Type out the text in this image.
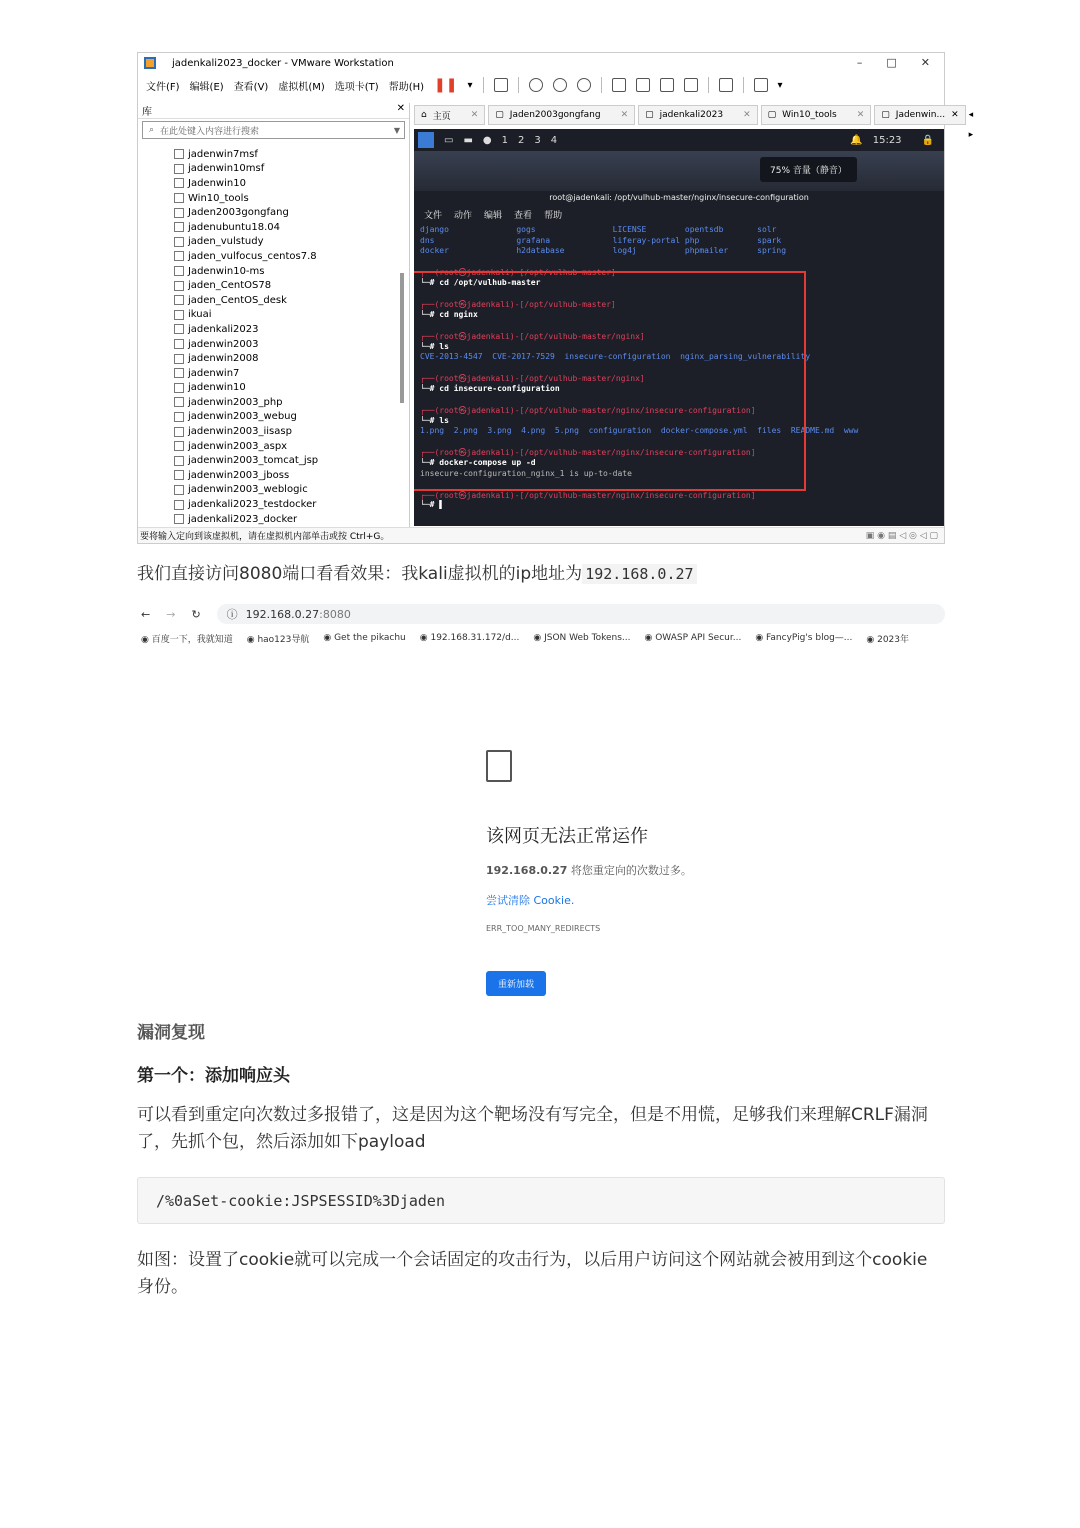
jadenkali2023_docker - VMware Workstation	– □ ✕
文件(F) 编辑(E) 查看(V) 虚拟机(M) 选项卡(T) 帮助(H) ❚❚ ▾	▾
库	✕
⌕ 在此处键入内容进行搜索	▼
jadenwin7msf
jadenwin10msf
Jadenwin10
Win10_tools
Jaden2003gongfang
jadenubuntu18.04
jaden_vulstudy
jaden_vulfocus_centos7.8
Jadenwin10-ms
jaden_CentOS78
jaden_CentOS_desk
ikuai
jadenkali2023
jadenwin2003
jadenwin2008
jadenwin7
jadenwin10
jadenwin2003_php
jadenwin2003_webug
jadenwin2003_iisasp
jadenwin2003_aspx
jadenwin2003_tomcat_jsp
jadenwin2003_jboss
jadenwin2003_weblogic
jadenkali2023_testdocker
jadenkali2023_docker
⌂ 主页 ✕ ▢ Jaden2003gongfang ✕ ▢ jadenkali2023 ✕ ▢ Win10_tools ✕ ▢ Jadenwin... ✕ ◂ ▸
▭ ▬ ● 1 2 3 4	🔔 15:23 🔒
75% 音量（静音）
root@jadenkali: /opt/vulhub-master/nginx/insecure-configuration
文件 动作 编辑 查看 帮助
django              gogs                LICENSE        opentsdb       solr
dns                 grafana             liferay-portal php            spark
docker              h2database          log4j          phpmailer      spring
┌──(root㉿jadenkali)-[/opt/vulhub-master]
└─# cd /opt/vulhub-master
┌──(root㉿jadenkali)-[/opt/vulhub-master]
└─# cd nginx
┌──(root㉿jadenkali)-[/opt/vulhub-master/nginx]
└─# ls
CVE-2013-4547  CVE-2017-7529  insecure-configuration  nginx_parsing_vulnerability
┌──(root㉿jadenkali)-[/opt/vulhub-master/nginx]
└─# cd insecure-configuration
┌──(root㉿jadenkali)-[/opt/vulhub-master/nginx/insecure-configuration]
└─# ls
1.png  2.png  3.png  4.png  5.png  configuration  docker-compose.yml  files  README.md  www
┌──(root㉿jadenkali)-[/opt/vulhub-master/nginx/insecure-configuration]
└─# docker-compose up -d
insecure-configuration_nginx_1 is up-to-date
┌──(root㉿jadenkali)-[/opt/vulhub-master/nginx/insecure-configuration]
└─# ▌
要将输入定向到该虚拟机，请在虚拟机内部单击或按 Ctrl+G。	▣ ◉ ▤ ◁ ◎ ◁ ▢
我们直接访问8080端口看看效果：我kali虚拟机的ip地址为 192.168.0.27
← → ↻ ⓘ 192.168.0.27:8080
◉ 百度一下，我就知道 ◉ hao123导航 ◉ Get the pikachu ◉ 192.168.31.172/d... ◉ JSON Web Tokens... ◉ OWASP API Secur... ◉ FancyPig's blog—... ◉ 2023年
该网页无法正常运作
192.168.0.27 将您重定向的次数过多。
尝试清除 Cookie.
ERR_TOO_MANY_REDIRECTS
重新加载
漏洞复现
第一个：添加响应头
可以看到重定向次数过多报错了，这是因为这个靶场没有写完全，但是不用慌，足够我们来理解CRLF漏洞了，先抓个包，然后添加如下payload
/%0aSet-cookie:JSPSESSID%3Djaden
如图：设置了cookie就可以完成一个会话固定的攻击行为，以后用户访问这个网站就会被用到这个cookie身份。
